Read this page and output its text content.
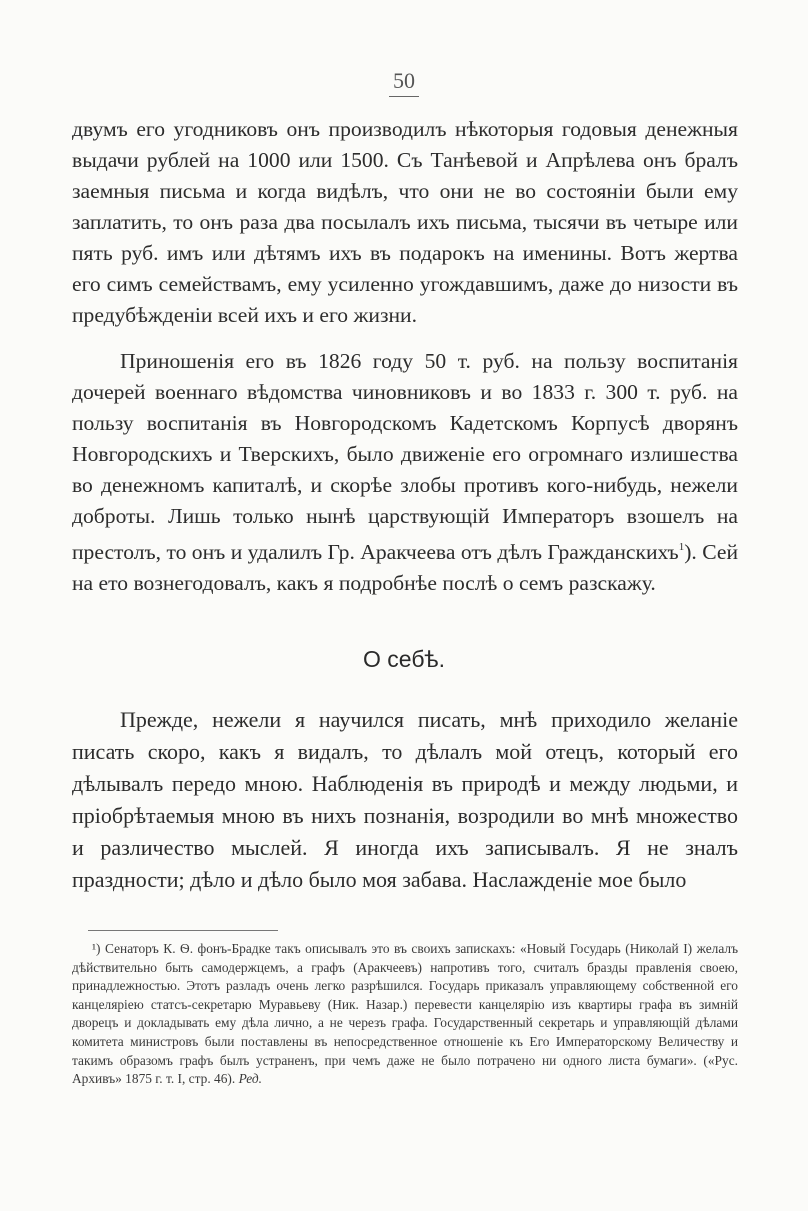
50

двумъ его угодниковъ онъ производилъ нѣкоторыя годовыя денежныя выдачи рублей на 1000 или 1500. Съ Танѣевой и Апрѣлева онъ бралъ заемныя письма и когда видѣлъ, что они не во состоянiи были ему заплатить, то онъ раза два посылалъ ихъ письма, тысячи въ четыре или пять руб. имъ или дѣтямъ ихъ въ подарокъ на именины. Вотъ жертва его симъ семействамъ, ему усиленно угождавшимъ, даже до низости въ предубѣжденiи всей ихъ и его жизни.

Приношенiя его въ 1826 году 50 т. руб. на пользу воспитанiя дочерей военнаго вѣдомства чиновниковъ и во 1833 г. 300 т. руб. на пользу воспитанiя въ Новгородскомъ Кадетскомъ Корпусѣ дворянъ Новгородскихъ и Тверскихъ, было движенiе его огромнаго излишества во денежномъ капиталѣ, и скорѣе злобы противъ кого-нибудь, нежели доброты. Лишь только нынѣ царствующiй Императоръ взошелъ на престолъ, то онъ и удалилъ Гр. Аракчеева отъ дѣлъ Гражданскихъ$^1$). Сей на ето вознегодовалъ, какъ я подробнѣе послѣ о семъ разскажу.

О себѣ.

Прежде, нежели я научился писать, мнѣ приходило желанiе писать скоро, какъ я видалъ, то дѣлалъ мой отецъ, который его дѣлывалъ передо мною. Наблюденiя въ природѣ и между людьми, и прiобрѣтаемыя мною въ нихъ познанiя, возродили во мнѣ множество и различество мыслей. Я иногда ихъ записывалъ. Я не зналъ праздности; дѣло и дѣло было моя забава. Наслажденiе мое было

¹) Сенаторъ К. Ѳ. фонъ-Брадке такъ описывалъ это въ своихъ запискахъ: «Новый Государь (Николай I) желалъ дѣйствительно быть самодержцемъ, а графъ (Аракчеевъ) напротивъ того, считалъ бразды правленiя своею, принадлежностью. Этотъ разладъ очень легко разрѣшился. Государь приказалъ управляющему собственной его канцелярiею статсъ-секретарю Муравьеву (Ник. Назар.) перевести канцелярiю изъ квартиры графа въ зимнiй дворецъ и докладывать ему дѣла лично, а не черезъ графа. Государственный секретарь и управляющiй дѣлами комитета министровъ были поставлены въ непосредственное отношенiе къ Его Императорскому Величеству и такимъ образомъ графъ былъ устраненъ, при чемъ даже не было потрачено ни одного листа бумаги». («Рус. Архивъ» 1875 г. т. I, стр. 46). Ред.
